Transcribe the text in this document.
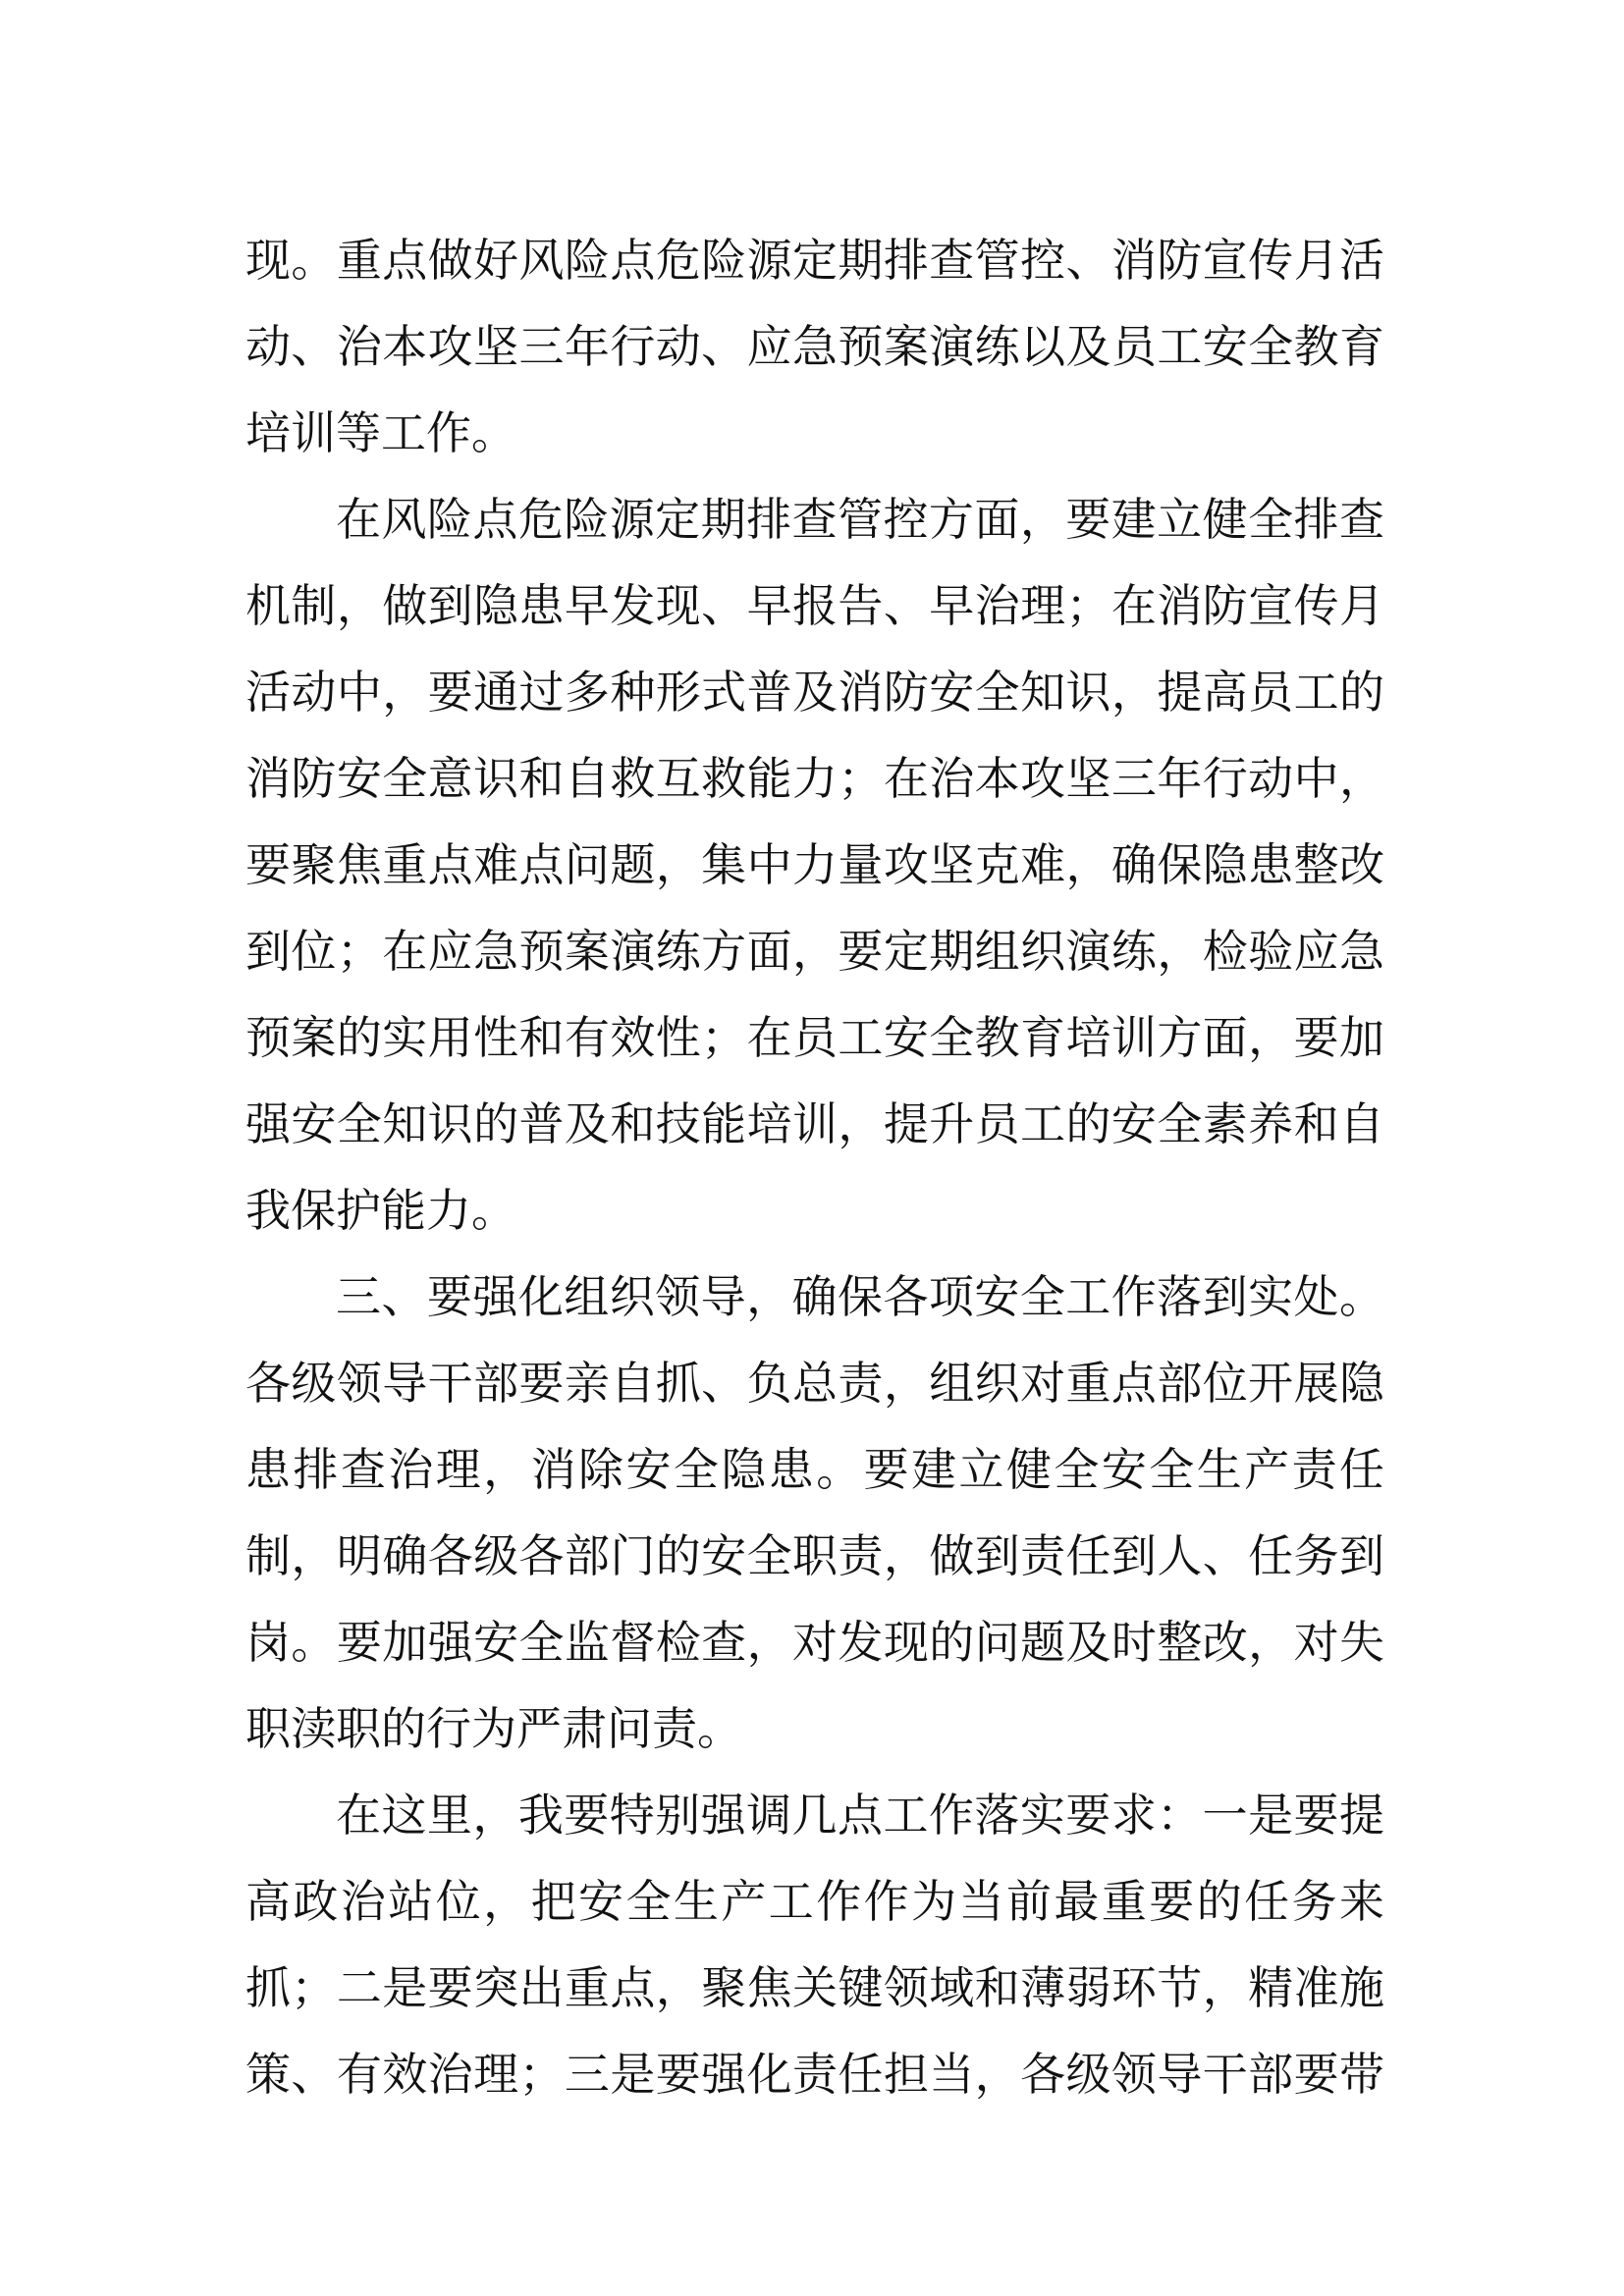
现。重点做好风险点危险源定期排查管控、消防宣传月活

动、治本攻坚三年行动、应急预案演练以及员工安全教育

培训等工作。

在风险点危险源定期排查管控方面，要建立健全排查

机制，做到隐患早发现、早报告、早治理；在消防宣传月

活动中，要通过多种形式普及消防安全知识，提高员工的

消防安全意识和自救互救能力；在治本攻坚三年行动中，

要聚焦重点难点问题，集中力量攻坚克难，确保隐患整改

到位；在应急预案演练方面，要定期组织演练，检验应急

预案的实用性和有效性；在员工安全教育培训方面，要加

强安全知识的普及和技能培训，提升员工的安全素养和自

我保护能力。

三、要强化组织领导，确保各项安全工作落到实处。

各级领导干部要亲自抓、负总责，组织对重点部位开展隐

患排查治理，消除安全隐患。要建立健全安全生产责任

制，明确各级各部门的安全职责，做到责任到人、任务到

岗。要加强安全监督检查，对发现的问题及时整改，对失

职渎职的行为严肃问责。

在这里，我要特别强调几点工作落实要求：一是要提

高政治站位，把安全生产工作作为当前最重要的任务来

抓；二是要突出重点，聚焦关键领域和薄弱环节，精准施

策、有效治理；三是要强化责任担当，各级领导干部要带
